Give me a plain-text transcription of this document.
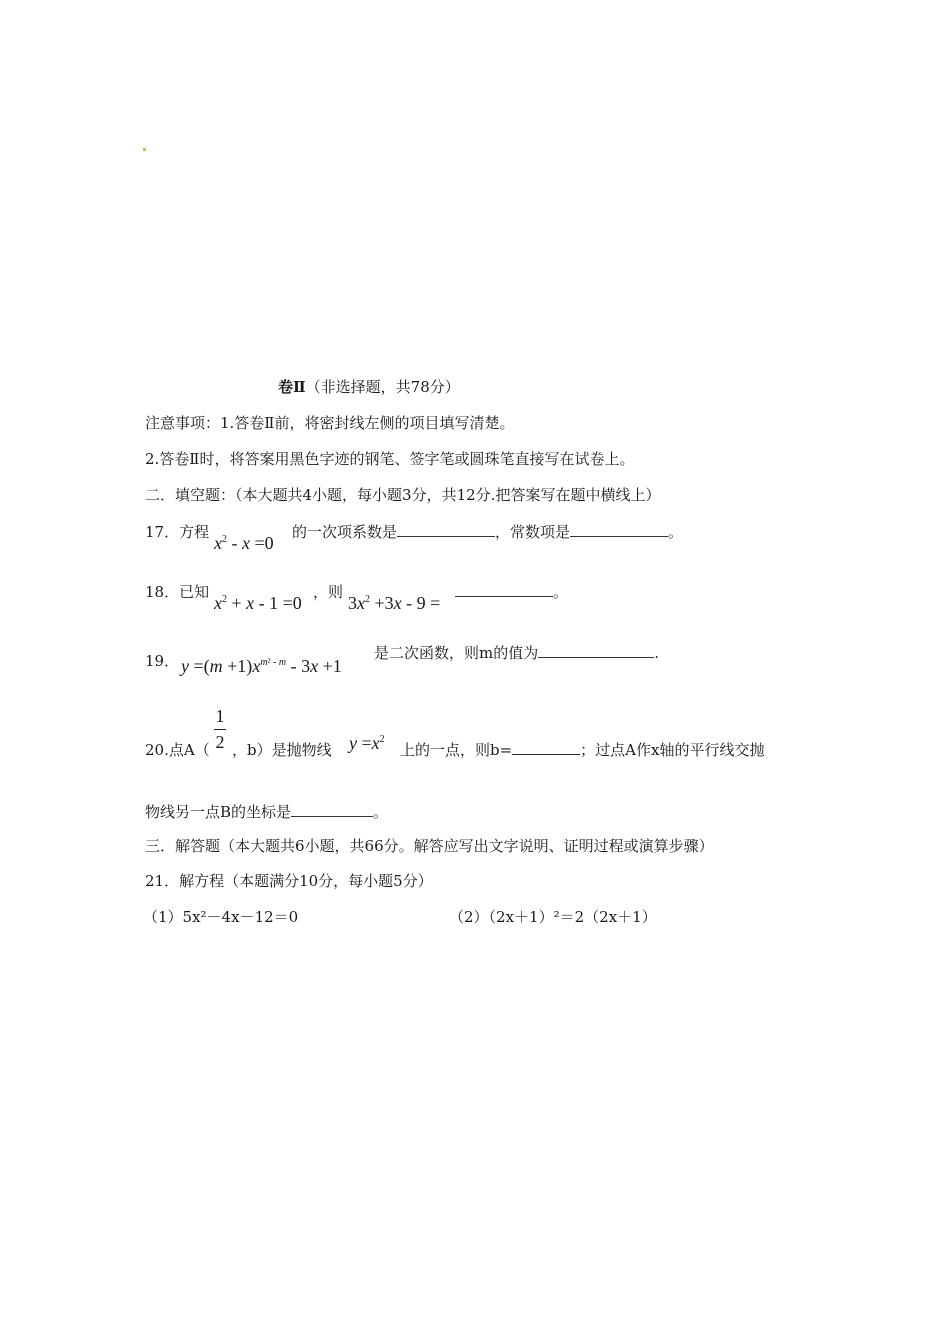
卷Ⅱ（非选择题，共78分）
注意事项：1.答卷Ⅱ前，将密封线左侧的项目填写清楚。
2.答卷Ⅱ时，将答案用黑色字迹的钢笔、签字笔或圆珠笔直接写在试卷上。
二．填空题：（本大题共4小题，每小题3分，共12分.把答案写在题中横线上）
17．方程
$x^2 - x =0$
的一次项系数是	，常数项是	。
18．已知
$x^2 + x - 1 =0$
，则
$3x^2 +3x - 9$ =
。
19． $y =(m +1)x^{m^2 - m} - 3x +1$
是二次函数，则m的值为	.
20.点A（
1
2 ，b）是抛物线 $y =x^2$
上的一点，则b=	；过点A作x轴的平行线交抛
物线另一点B的坐标是	。
三．解答题（本大题共6小题，共66分。解答应写出文字说明、证明过程或演算步骤）
21．解方程（本题满分10分，每小题5分）
（1）5x²－4x－12＝0	（2）（2x＋1）²＝2（2x＋1）
